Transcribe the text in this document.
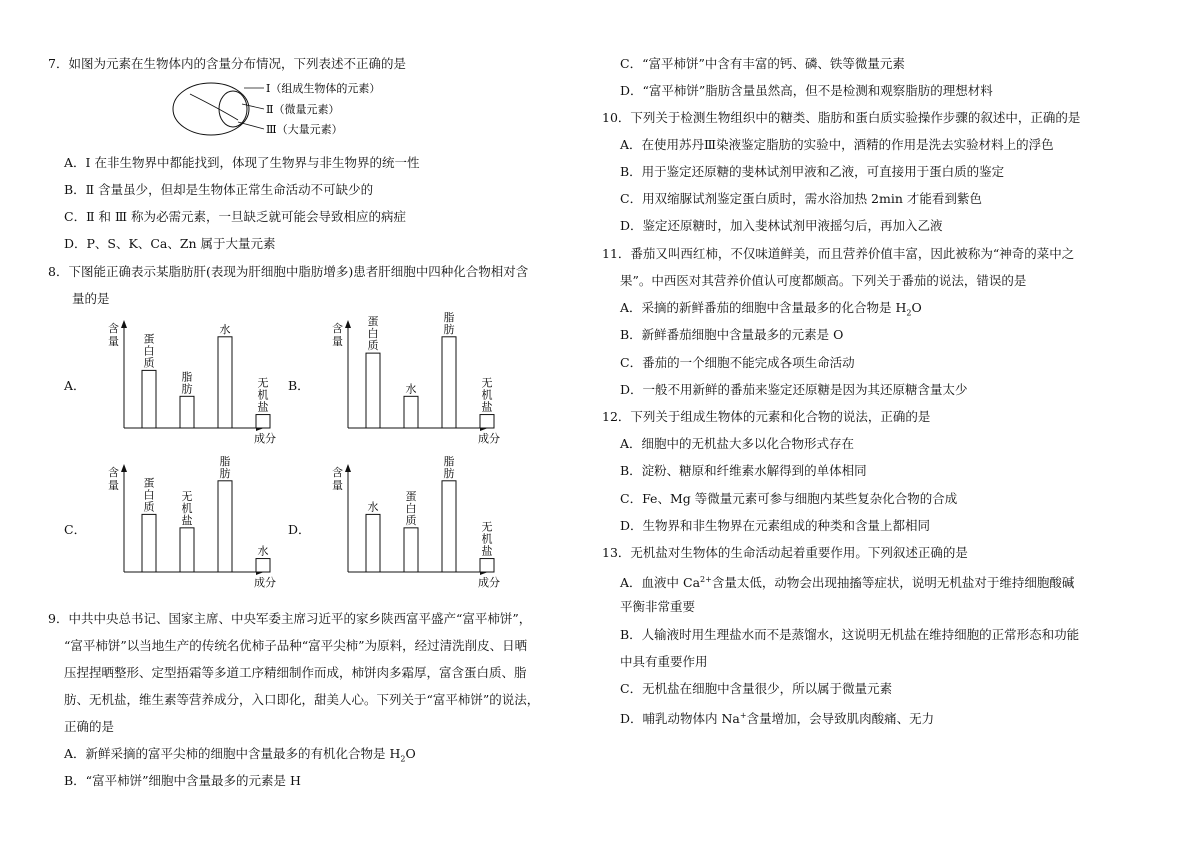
7．如图为元素在生物体内的含量分布情况，下列表述不正确的是
Ⅰ（组成生物体的元素）
Ⅱ（微量元素）
Ⅲ（大量元素）
A．Ⅰ 在非生物界中都能找到，体现了生物界与非生物界的统一性
B．Ⅱ 含量虽少，但却是生物体正常生命活动不可缺少的
C．Ⅱ 和 Ⅲ 称为必需元素，一旦缺乏就可能会导致相应的病症
D．P、S、K、Ca、Zn 属于大量元素
8．下图能正确表示某脂肪肝(表现为肝细胞中脂肪增多)患者肝细胞中四种化合物相对含
量的是
A．
含
量
成分
蛋
白
质
脂
肪
水
无
机
盐
B．
含
量
成分
蛋
白
质
水
脂
肪
无
机
盐
C．
含
量
成分
蛋
白
质
无
机
盐
脂
肪
水
D．
含
量
成分
水
蛋
白
质
脂
肪
无
机
盐
9．中共中央总书记、国家主席、中央军委主席习近平的家乡陕西富平盛产“富平柿饼”，
“富平柿饼”以当地生产的传统名优柿子品种“富平尖柿”为原料，经过清洗削皮、日晒
压捏捏晒整形、定型捂霜等多道工序精细制作而成，柿饼肉多霜厚，富含蛋白质、脂
肪、无机盐，维生素等营养成分，入口即化，甜美人心。下列关于“富平柿饼”的说法，
正确的是
A．新鲜采摘的富平尖柿的细胞中含量最多的有机化合物是 $H_2O$
B．“富平柿饼”细胞中含量最多的元素是 H
C．“富平柿饼”中含有丰富的钙、磷、铁等微量元素
D．“富平柿饼”脂肪含量虽然高，但不是检测和观察脂肪的理想材料
10．下列关于检测生物组织中的糖类、脂肪和蛋白质实验操作步骤的叙述中，正确的是
A．在使用苏丹Ⅲ染液鉴定脂肪的实验中，酒精的作用是洗去实验材料上的浮色
B．用于鉴定还原糖的斐林试剂甲液和乙液，可直接用于蛋白质的鉴定
C．用双缩脲试剂鉴定蛋白质时，需水浴加热 2min 才能看到紫色
D．鉴定还原糖时，加入斐林试剂甲液摇匀后，再加入乙液
11．番茄又叫西红柿，不仅味道鲜美，而且营养价值丰富，因此被称为“神奇的菜中之
果”。中西医对其营养价值认可度都颇高。下列关于番茄的说法，错误的是
A．采摘的新鲜番茄的细胞中含量最多的化合物是 $H_2O$
B．新鲜番茄细胞中含量最多的元素是 O
C．番茄的一个细胞不能完成各项生命活动
D．一般不用新鲜的番茄来鉴定还原糖是因为其还原糖含量太少
12．下列关于组成生物体的元素和化合物的说法，正确的是
A．细胞中的无机盐大多以化合物形式存在
B．淀粉、糖原和纤维素水解得到的单体相同
C．Fe、Mg 等微量元素可参与细胞内某些复杂化合物的合成
D．生物界和非生物界在元素组成的种类和含量上都相同
13．无机盐对生物体的生命活动起着重要作用。下列叙述正确的是
A．血液中 $Ca^{2+}$含量太低，动物会出现抽搐等症状，说明无机盐对于维持细胞酸碱
平衡非常重要
B．人输液时用生理盐水而不是蒸馏水，这说明无机盐在维持细胞的正常形态和功能
中具有重要作用
C．无机盐在细胞中含量很少，所以属于微量元素
D．哺乳动物体内 Na+含量增加，会导致肌肉酸痛、无力
